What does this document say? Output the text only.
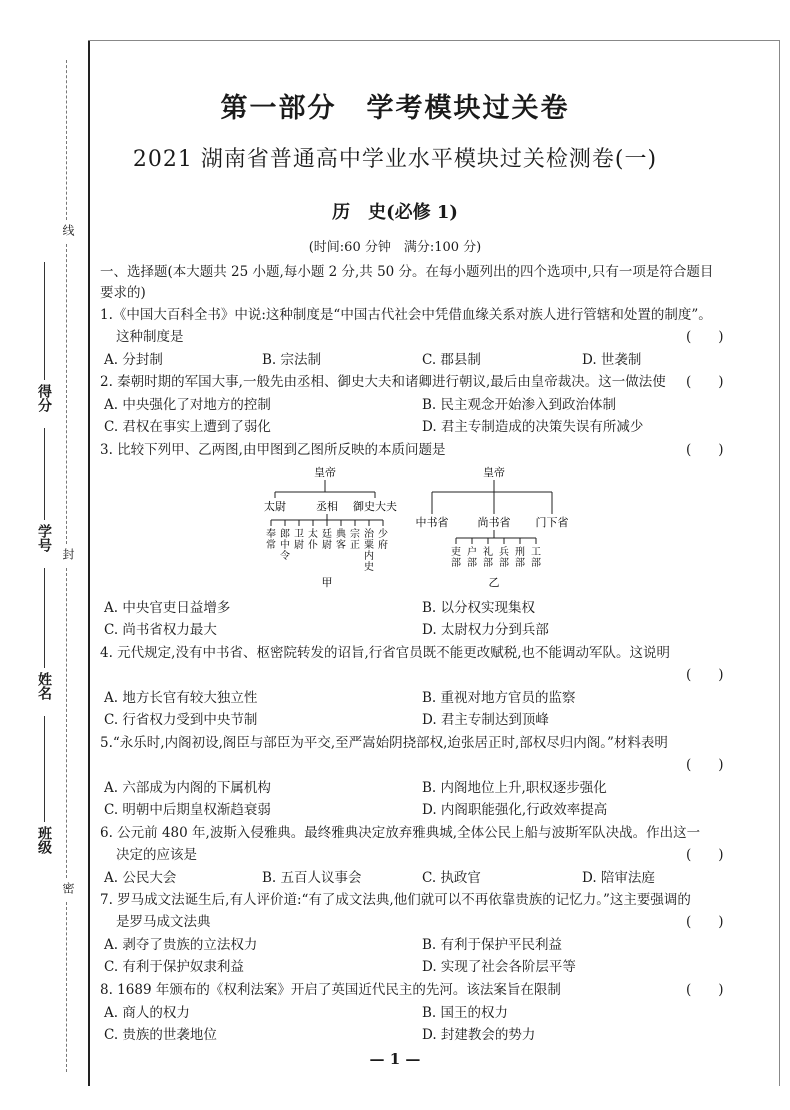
得分
学号
姓名
班级
线
封
密
第一部分 学考模块过关卷
2021 湖南省普通高中学业水平模块过关检测卷(一)
历　史(必修 1)
(时间:60 分钟　满分:100 分)
一、选择题(本大题共 25 小题,每小题 2 分,共 50 分。在每小题列出的四个选项中,只有一项是符合题目
要求的)
1.《中国大百科全书》中说:这种制度是“中国古代社会中凭借血缘关系对族人进行管辖和处置的制度”。
这种制度是	(　　)
A. 分封制	B. 宗法制	C. 郡县制	D. 世袭制
2. 秦朝时期的军国大事,一般先由丞相、御史大夫和诸卿进行朝议,最后由皇帝裁决。这一做法使 (　　)
A. 中央强化了对地方的控制	B. 民主观念开始渗入到政治体制
C. 君权在事实上遭到了弱化	D. 君主专制造成的决策失误有所减少
3. 比较下列甲、乙两图,由甲图到乙图所反映的本质问题是	(　　)
皇帝
太尉	丞相 御史大夫
奉
常
郎
中
令
卫
尉
太
仆
廷
尉
典
客
宗
正
治
粟
内
史
少
府
甲
皇帝
中书省	尚书省 门下省
吏
部
户
部
礼
部
兵
部
刑
部
工
部
乙
A. 中央官吏日益增多	B. 以分权实现集权
C. 尚书省权力最大	D. 太尉权力分到兵部
4. 元代规定,没有中书省、枢密院转发的诏旨,行省官员既不能更改赋税,也不能调动军队。这说明
(　　)
A. 地方长官有较大独立性	B. 重视对地方官员的监察
C. 行省权力受到中央节制	D. 君主专制达到顶峰
5.“永乐时,内阁初设,阁臣与部臣为平交,至严嵩始阴挠部权,迨张居正时,部权尽归内阁。”材料表明
(　　)
A. 六部成为内阁的下属机构	B. 内阁地位上升,职权逐步强化
C. 明朝中后期皇权渐趋衰弱	D. 内阁职能强化,行政效率提高
6. 公元前 480 年,波斯入侵雅典。最终雅典决定放弃雅典城,全体公民上船与波斯军队决战。作出这一
决定的应该是	(　　)
A. 公民大会	B. 五百人议事会	C. 执政官	D. 陪审法庭
7. 罗马成文法诞生后,有人评价道:“有了成文法典,他们就可以不再依靠贵族的记忆力。”这主要强调的
是罗马成文法典	(　　)
A. 剥夺了贵族的立法权力	B. 有利于保护平民利益
C. 有利于保护奴隶利益	D. 实现了社会各阶层平等
8. 1689 年颁布的《权利法案》开启了英国近代民主的先河。该法案旨在限制	(　　)
A. 商人的权力	B. 国王的权力
C. 贵族的世袭地位	D. 封建教会的势力
— 1 —
